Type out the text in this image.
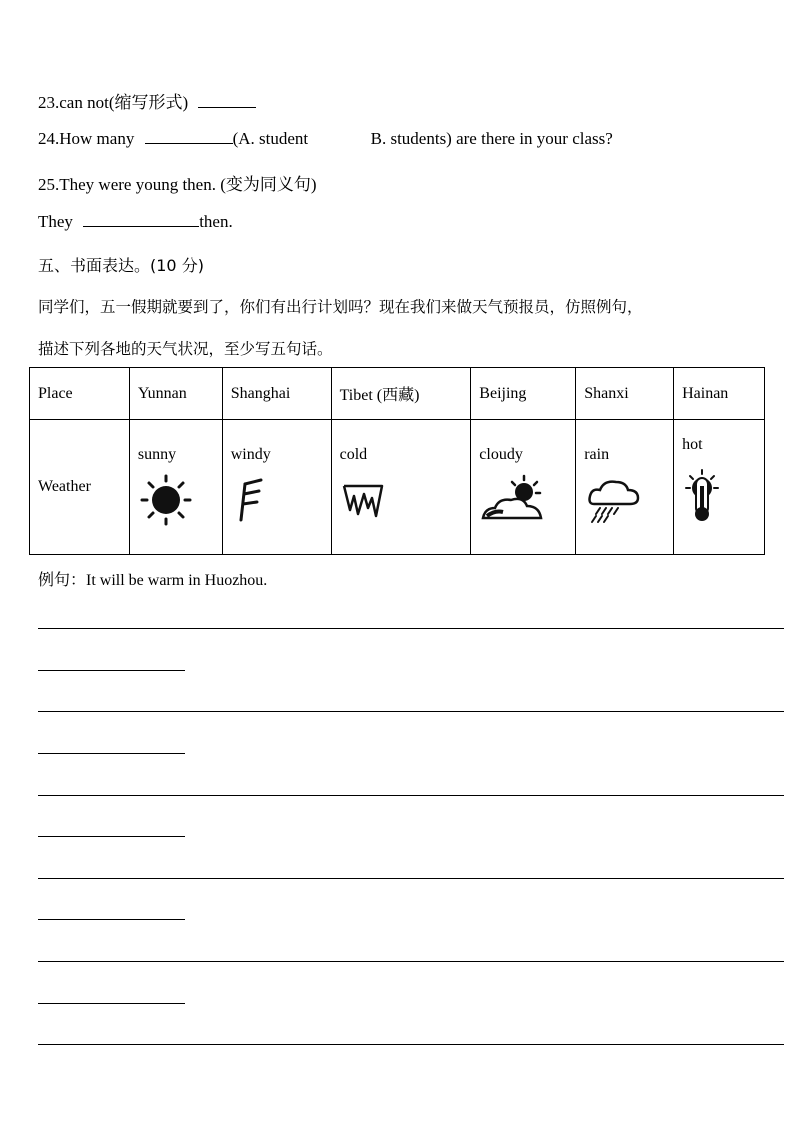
23.can not(缩写形式)
24.How many	(A. student	B. students) are there in your class?
25.They were young then. (变为同义句)
They	then.
五、书面表达。(10 分)
同学们，五一假期就要到了，你们有出行计划吗？现在我们来做天气预报员，仿照例句，
描述下列各地的天气状况，至少写五句话。
Place	Yunnan	Shanghai	Tibet (西藏)	Beijing	Shanxi	Hainan
Weather	sunny	windy	cold	cloudy	rain	hot
例句：It will be warm in Huozhou.
